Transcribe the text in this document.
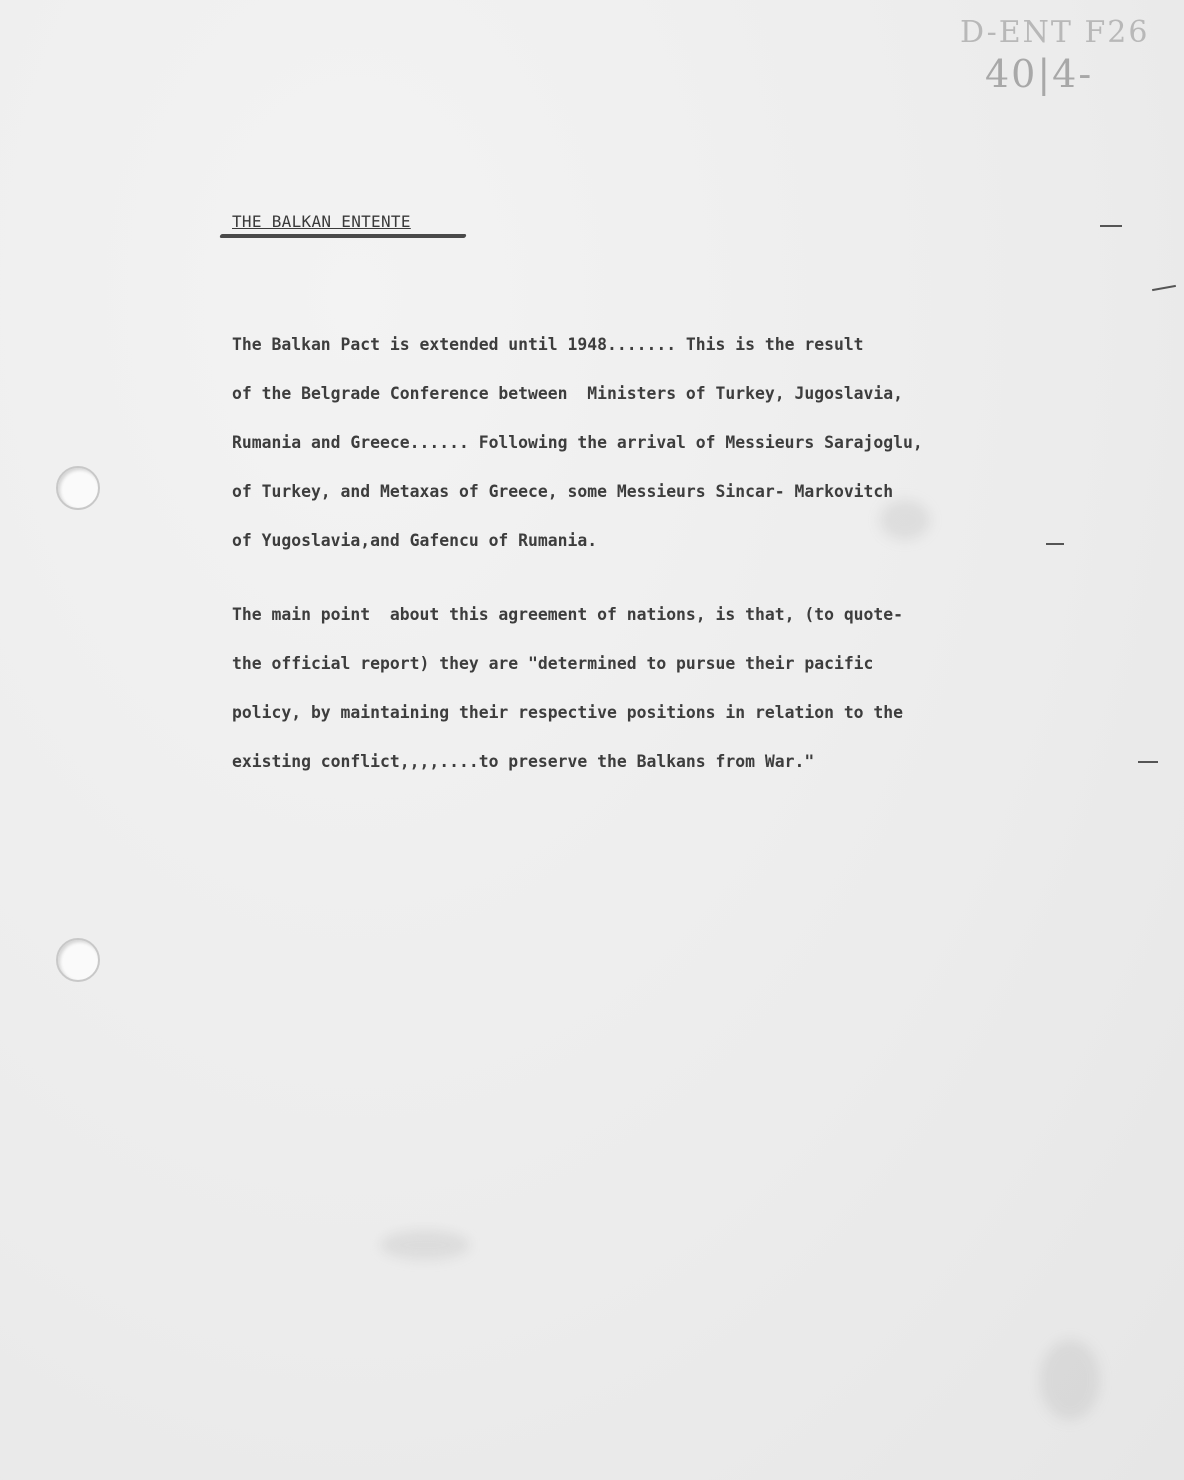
D-ENT F26
40|4-
THE BALKAN ENTENTE
The Balkan Pact is extended until 1948....... This is the result
of the Belgrade Conference between  Ministers of Turkey, Jugoslavia,
Rumania and Greece...... Following the arrival of Messieurs Sarajoglu,
of Turkey, and Metaxas of Greece, some Messieurs Sincar- Markovitch
of Yugoslavia,and Gafencu of Rumania.
The main point  about this agreement of nations, is that, (to quote-
the official report) they are "determined to pursue their pacific
policy, by maintaining their respective positions in relation to the
existing conflict,,,,....to preserve the Balkans from War."
